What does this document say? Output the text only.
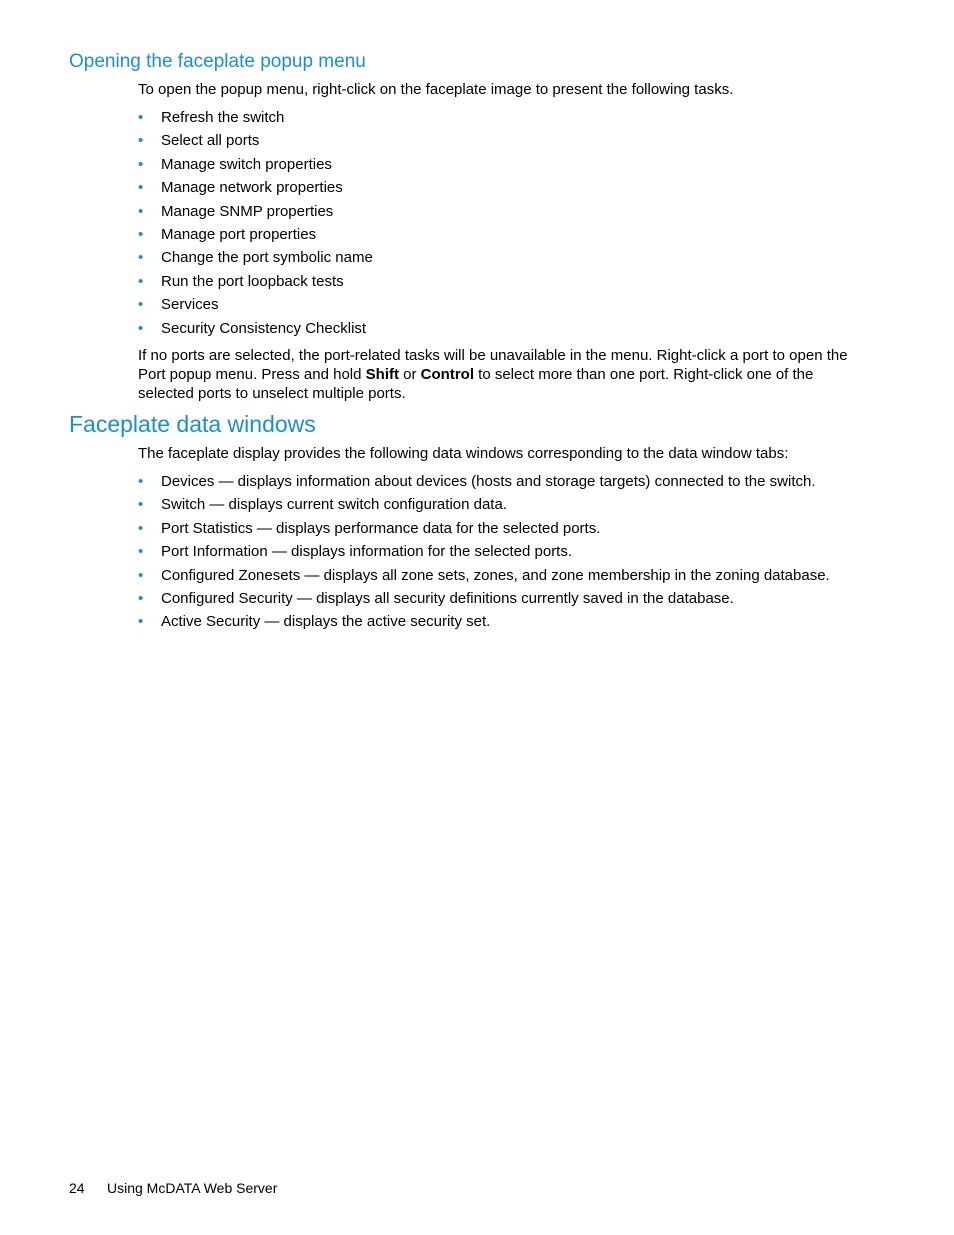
Opening the faceplate popup menu

To open the popup menu, right-click on the faceplate image to present the following tasks.

• Refresh the switch
• Select all ports
• Manage switch properties
• Manage network properties
• Manage SNMP properties
• Manage port properties
• Change the port symbolic name
• Run the port loopback tests
• Services
• Security Consistency Checklist

If no ports are selected, the port-related tasks will be unavailable in the menu. Right-click a port to open the Port popup menu. Press and hold Shift or Control to select more than one port. Right-click one of the selected ports to unselect multiple ports.

Faceplate data windows

The faceplate display provides the following data windows corresponding to the data window tabs:

• Devices — displays information about devices (hosts and storage targets) connected to the switch.
• Switch — displays current switch configuration data.
• Port Statistics — displays performance data for the selected ports.
• Port Information — displays information for the selected ports.
• Configured Zonesets — displays all zone sets, zones, and zone membership in the zoning database.
• Configured Security — displays all security definitions currently saved in the database.
• Active Security — displays the active security set.
24 Using McDATA Web Server
